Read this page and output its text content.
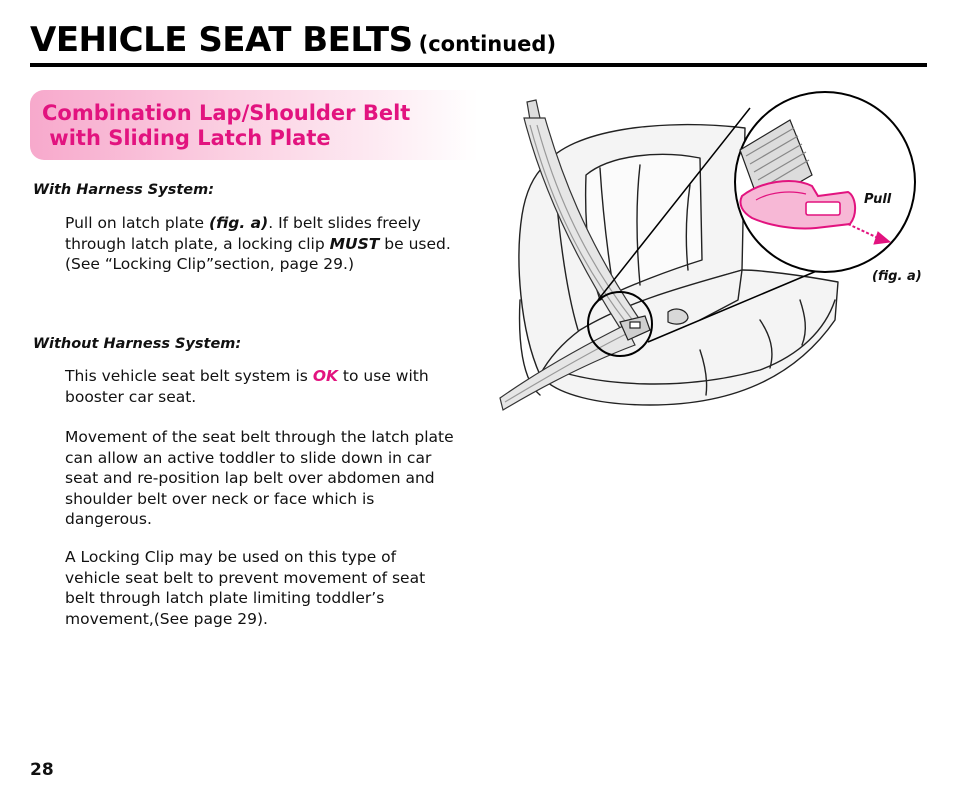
VEHICLE SEAT BELTS (continued)
Combination Lap/Shoulder Belt
with Sliding Latch Plate
With Harness System:

Pull on latch plate (fig. a). If belt slides freely through latch plate, a locking clip MUST be used. (See “Locking Clip”section, page 29.)

Without Harness System:

This vehicle seat belt system is OK to use with booster car seat.

Movement of the seat belt through the latch plate can allow an active toddler to slide down in car seat and re-position lap belt over abdomen and shoulder belt over neck or face which is dangerous.

A Locking Clip may be used on this type of vehicle seat belt to prevent movement of seat belt through latch plate limiting toddler’s movement,(See page 29).

28

Pull
(fig. a)
